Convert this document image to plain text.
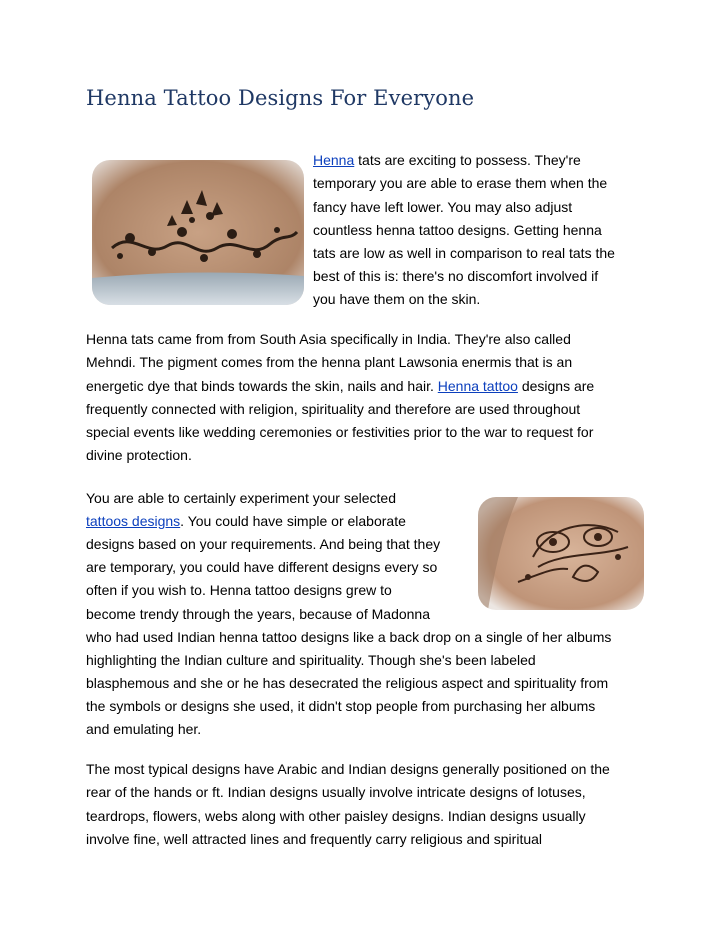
Henna Tattoo Designs For Everyone
Henna tats are exciting to possess. They're
temporary you are able to erase them when the
fancy have left lower. You may also adjust
countless henna tattoo designs. Getting henna
tats are low as well in comparison to real tats the
best of this is: there's no discomfort involved if
you have them on the skin.
Henna tats came from from South Asia specifically in India. They're also called
Mehndi. The pigment comes from the henna plant Lawsonia enermis that is an
energetic dye that binds towards the skin, nails and hair. Henna tattoo designs are
frequently connected with religion, spirituality and therefore are used throughout
special events like wedding ceremonies or festivities prior to the war to request for
divine protection.
You are able to certainly experiment your selected
tattoos designs. You could have simple or elaborate
designs based on your requirements. And being that they
are temporary, you could have different designs every so
often if you wish to. Henna tattoo designs grew to
become trendy through the years, because of Madonna
who had used Indian henna tattoo designs like a back drop on a single of her albums
highlighting the Indian culture and spirituality. Though she's been labeled
blasphemous and she or he has desecrated the religious aspect and spirituality from
the symbols or designs she used, it didn't stop people from purchasing her albums
and emulating her.
The most typical designs have Arabic and Indian designs generally positioned on the
rear of the hands or ft. Indian designs usually involve intricate designs of lotuses,
teardrops, flowers, webs along with other paisley designs. Indian designs usually
involve fine, well attracted lines and frequently carry religious and spiritual
